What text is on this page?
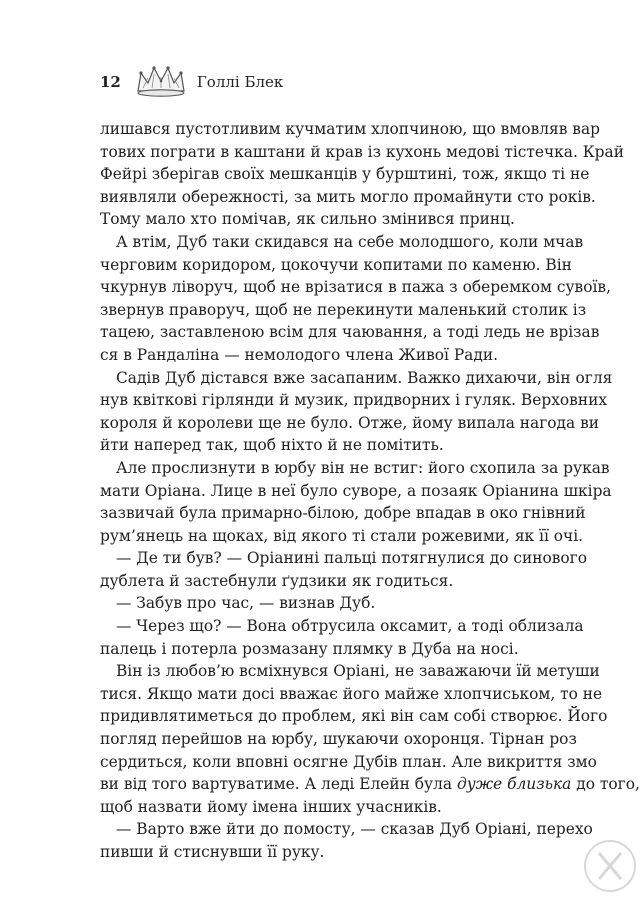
12	Голлі Блек
лишався пустотливим кучматим хлопчиною, що вмовляв вар
тових пограти в каштани й крав із кухонь медові тістечка. Край
Фейрі зберігав своїх мешканців у бурштині, тож, якщо ті не
виявляли обережності, за мить могло промайнути сто років.
Тому мало хто помічав, як сильно змінився принц.
А втім, Дуб таки скидався на себе молодшого, коли мчав
черговим коридором, цокочучи копитами по каменю. Він
чкурнув ліворуч, щоб не врізатися в пажа з оберемком сувоїв,
звернув праворуч, щоб не перекинути маленький столик із
тацею, заставленою всім для чаювання, а тоді ледь не врізав
ся в Рандаліна — немолодого члена Живої Ради.
Садів Дуб дістався вже засапаним. Важко дихаючи, він огля
нув квіткові гірлянди й музик, придворних і гуляк. Верховних
короля й королеви ще не було. Отже, йому випала нагода ви
йти наперед так, щоб ніхто й не помітить.
Але прослизнути в юрбу він не встиг: його схопила за рукав
мати Оріана. Лице в неї було суворе, а позаяк Оріанина шкіра
зазвичай була примарно-білою, добре впадав в око гнівний
рум’янець на щоках, від якого ті стали рожевими, як її очі.
— Де ти був? — Оріанині пальці потягнулися до синового
дублета й застебнули ґудзики як годиться.
— Забув про час, — визнав Дуб.
— Через що? — Вона обтрусила оксамит, а тоді облизала
палець і потерла розмазану плямку в Дуба на носі.
Він із любов’ю всміхнувся Оріані, не заважаючи їй метуши
тися. Якщо мати досі вважає його майже хлопчиськом, то не
придивлятиметься до проблем, які він сам собі створює. Його
погляд перейшов на юрбу, шукаючи охоронця. Тірнан роз
сердиться, коли вповні осягне Дубів план. Але викриття змо
ви від того вартуватиме. А леді Елейн була дуже близька до того,
щоб назвати йому імена інших учасників.
— Варто вже йти до помосту, — сказав Дуб Оріані, перехо
пивши й стиснувши її руку.
